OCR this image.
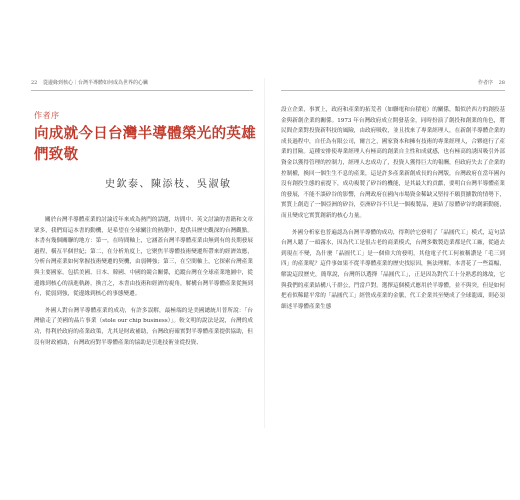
22 從邊緣到核心｜台灣半導體如何成為世界的心臟
作者序
向成就今日台灣半導體榮光的英雄們致敬
史欽泰、陳添枝、吳淑敏

關於台灣半導體產業的討論近年來成為熱門的話題，坊間中、英文討論的書籍和文章眾多，我們寫這本書的動機，是希望在全球關注的熱潮中，提供具歷史觀深的台灣觀點。本書有幾個關聯的地方：第一，在時間軸上，它涵蓋台灣半導體產業由無到有的長期發展過程，橫亙半個世紀；第二，在分析角度上，它聚焦半導體技術變遷所帶來的經濟效應，分析台灣產業如何掌握技術變遷的契機，由弱轉強；第三，在空間軸上，它探索台灣產業與主要國家，包括美國、日本、韓國、中國的競合關係，追蹤台灣在全球產業地圖中，從邊緣到核心的演進軌跡，換言之，本書由技術和經濟的視角，解構台灣半導體產業從無到有，從弱到強，從邊緣到核心的事態變遷。

外國人對台灣半導體產業的成功，有許多誤解，最極端的是美國總統川普所說：「台灣偷走了美國的晶片事業（stole our chip business）」。較文明的說法是說，台灣的成功，得利於政府的產業政策，尤其是財政補助，台灣政府確實對半導體產業提供協助，但沒有財政補助，台灣政府對半導體產業的協助是引進技術並從投資、

作者序 28

設立企業，事實上，政府和產業的拓荒者（如聯電和台積電）的關係，類似於西方的創投基金與新創企業的關係。1973 年台灣政府成立開發基金，同時扮演了創投和創業的角色，將民間企業對投資新科技的風險，由政府吸收，並且找來了專業經理人，在新創半導體企業的成長過程中，自任為有限公司，爾言之，國家資本和擁有技術的專業經理人，合夥進行了產業的冒險。這種安排使專業經理人有極高的創業自主性和成就感，也有極高的誘因吸引外部資金以獲得管理的控制力，經理人忠成功了，投資人獲得巨大的報酬，但政府失去了企業的控制權，換回一個生生不息的產業，這是許多產業新創成長的台灣版，台灣政府在當年國內沒有創投生態的前提下，成功複製了矽谷的機能，是其最大的貢獻，要明白台灣半導體產業的發展，不能不談矽谷的影響，台灣政府在國內市場資金稀缺又堅持不願買擴散的情勢下，實質上創造了一個亞洲的矽谷，亞洲矽谷不只是一個複製品，連結了原體矽谷的創新動能，而且變成它實質創新的核心力量。

外國分析家也普遍認為台灣半導體的成功，得利於它發明了「晶圓代工」模式，這句話台灣人聽了一頭霧水，因為代工是很古老的商業模式，台灣多數製造業都是代工廠，從過去到現在不變，為什麼「晶圓代工」是一個偉大的發明，其他電子代工何被稱讚是「毛三到四」的產業呢？這件事如果不從半導體產業的歷史找原因，無法理解。本書花了一些篇幅，解說這段歷史，簡單說，台灣所以選擇「晶圓代工」，正是因為對代工十分熟悉的緣故，它與我們的產業結構八千群公，門當戶對。選擇這個模式應用於半導體，並不與突，但是如何把看似稀鬆平常的「晶圓代工」經營成產業的金脈，代工企業其至變成了全球龍頭，則必須細述半導體產業生態
